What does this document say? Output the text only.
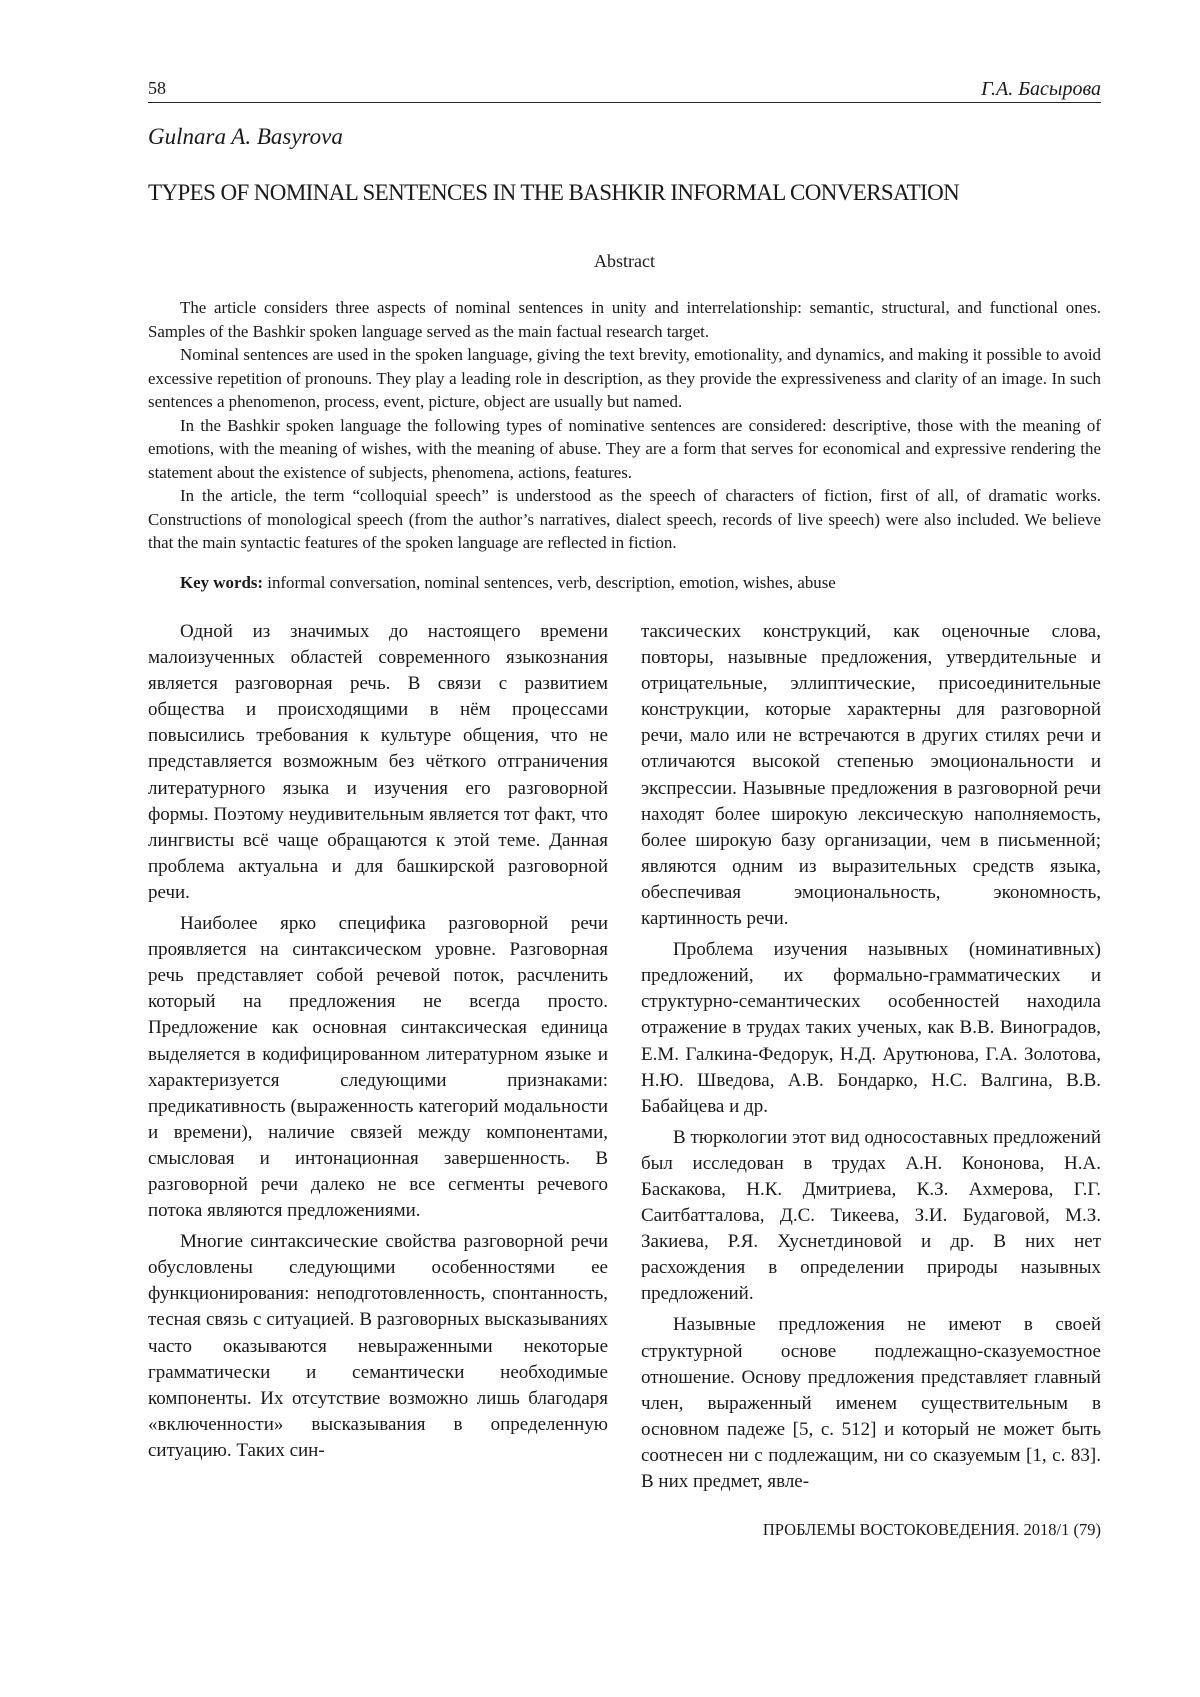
58	Г.А. Басырова
Gulnara A. Basyrova
TYPES OF NOMINAL SENTENCES IN THE BASHKIR INFORMAL CONVERSATION
Abstract

The article considers three aspects of nominal sentences in unity and interrelationship: semantic, structural, and functional ones. Samples of the Bashkir spoken language served as the main factual research target.

Nominal sentences are used in the spoken language, giving the text brevity, emotionality, and dynamics, and making it possible to avoid excessive repetition of pronouns. They play a leading role in description, as they provide the expressiveness and clarity of an image. In such sentences a phenomenon, process, event, picture, object are usually but named.

In the Bashkir spoken language the following types of nominative sentences are considered: descriptive, those with the meaning of emotions, with the meaning of wishes, with the meaning of abuse. They are a form that serves for economical and expressive rendering the statement about the existence of subjects, phenomena, actions, features.

In the article, the term “colloquial speech” is understood as the speech of characters of fiction, first of all, of dramatic works. Constructions of monological speech (from the author’s narratives, dialect speech, records of live speech) were also included. We believe that the main syntactic features of the spoken language are reflected in fiction.

Key words: informal conversation, nominal sentences, verb, description, emotion, wishes, abuse

Одной из значимых до настоящего времени малоизученных областей современного языкознания является разговорная речь. В связи с развитием общества и происходящими в нём процессами повысились требования к культуре общения, что не представляется возможным без чёткого отграничения литературного языка и изучения его разговорной формы. Поэтому неудивительным является тот факт, что лингвисты всё чаще обращаются к этой теме. Данная проблема актуальна и для башкирской разговорной речи.

Наиболее ярко специфика разговорной речи проявляется на синтаксическом уровне. Разговорная речь представляет собой речевой поток, расчленить который на предложения не всегда просто. Предложение как основная синтаксическая единица выделяется в кодифицированном литературном языке и характеризуется следующими признаками: предикативность (выраженность категорий модальности и времени), наличие связей между компонентами, смысловая и интонационная завершенность. В разговорной речи далеко не все сегменты речевого потока являются предложениями.

Многие синтаксические свойства разговорной речи обусловлены следующими особенностями ее функционирования: неподготовленность, спонтанность, тесная связь с ситуацией. В разговорных высказываниях часто оказываются невыраженными некоторые грамматически и семантически необходимые компоненты. Их отсутствие возможно лишь благодаря «включенности» высказывания в определенную ситуацию. Таких син-

таксических конструкций, как оценочные слова, повторы, назывные предложения, утвердительные и отрицательные, эллиптические, присоединительные конструкции, которые характерны для разговорной речи, мало или не встречаются в других стилях речи и отличаются высокой степенью эмоциональности и экспрессии. Назывные предложения в разговорной речи находят более широкую лексическую наполняемость, более широкую базу организации, чем в письменной; являются одним из выразительных средств языка, обеспечивая эмоциональность, экономность, картинность речи.

Проблема изучения назывных (номинативных) предложений, их формально-грамматических и структурно-семантических особенностей находила отражение в трудах таких ученых, как В.В. Виноградов, Е.М. Галкина-Федорук, Н.Д. Арутюнова, Г.А. Золотова, Н.Ю. Шведова, А.В. Бондарко, Н.С. Валгина, В.В. Бабайцева и др.

В тюркологии этот вид односоставных предложений был исследован в трудах А.Н. Кононова, Н.А. Баскакова, Н.К. Дмитриева, К.З. Ахмерова, Г.Г. Саитбатталова, Д.С. Тикеева, З.И. Будаговой, М.З. Закиева, Р.Я. Хуснетдиновой и др. В них нет расхождения в определении природы назывных предложений.

Назывные предложения не имеют в своей структурной основе подлежащно-сказуемостное отношение. Основу предложения представляет главный член, выраженный именем существительным в основном падеже [5, с. 512] и который не может быть соотнесен ни с подлежащим, ни со сказуемым [1, с. 83]. В них предмет, явле-

ПРОБЛЕМЫ ВОСТОКОВЕДЕНИЯ. 2018/1 (79)
